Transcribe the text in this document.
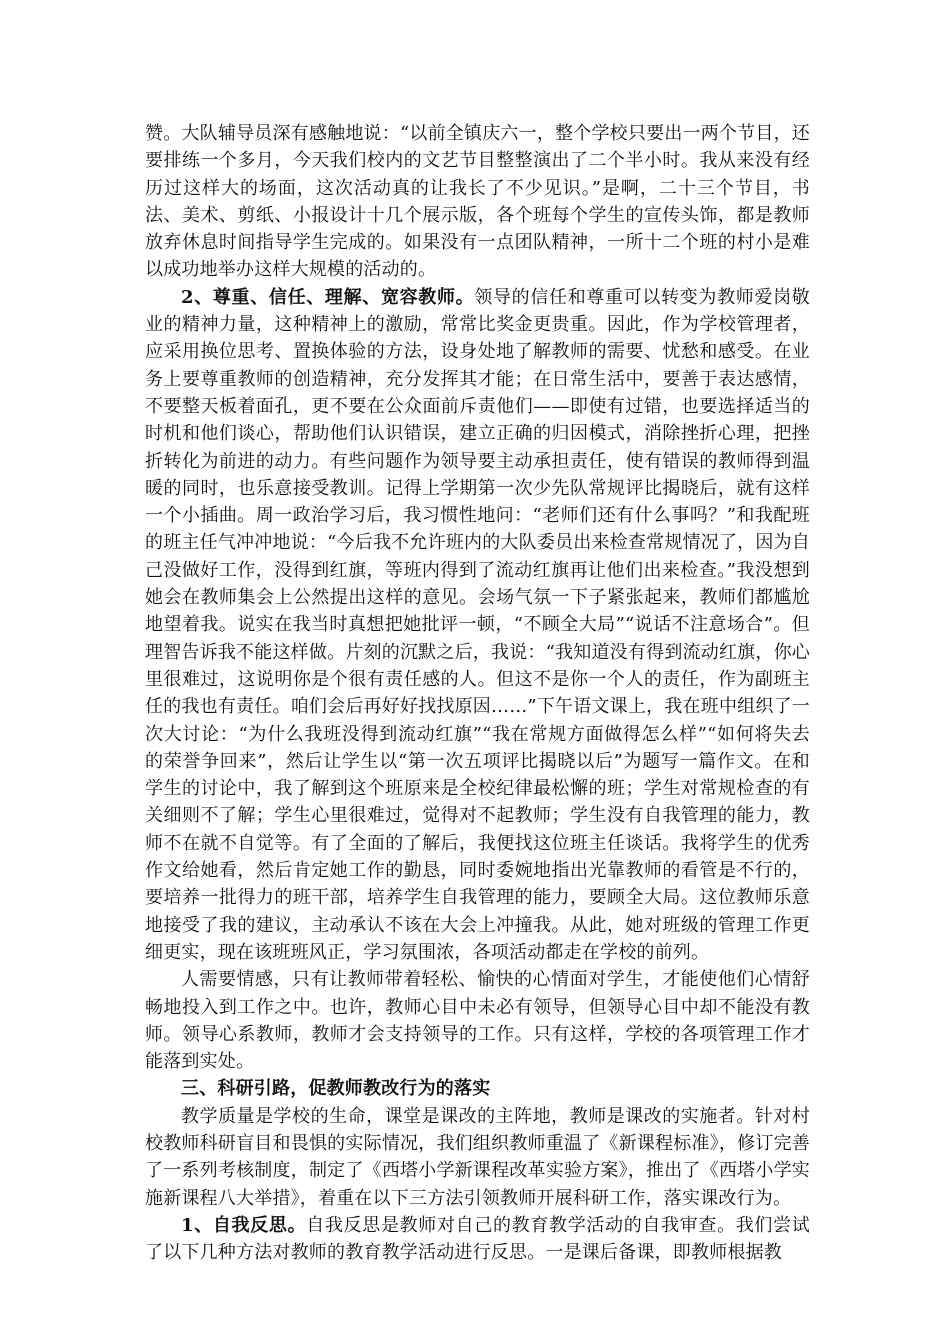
赞。大队辅导员深有感触地说：“以前全镇庆六一，整个学校只要出一两个节目，还要排练一个多月，今天我们校内的文艺节目整整演出了二个半小时。我从来没有经历过这样大的场面，这次活动真的让我长了不少见识。”是啊，二十三个节目，书法、美术、剪纸、小报设计十几个展示版，各个班每个学生的宣传头饰，都是教师放弃休息时间指导学生完成的。如果没有一点团队精神，一所十二个班的村小是难以成功地举办这样大规模的活动的。

2、尊重、信任、理解、宽容教师。领导的信任和尊重可以转变为教师爱岗敬业的精神力量，这种精神上的激励，常常比奖金更贵重。因此，作为学校管理者，应采用换位思考、置换体验的方法，设身处地了解教师的需要、忧愁和感受。在业务上要尊重教师的创造精神，充分发挥其才能；在日常生活中，要善于表达感情，不要整天板着面孔，更不要在公众面前斥责他们——即使有过错，也要选择适当的时机和他们谈心，帮助他们认识错误，建立正确的归因模式，消除挫折心理，把挫折转化为前进的动力。有些问题作为领导要主动承担责任，使有错误的教师得到温暖的同时，也乐意接受教训。记得上学期第一次少先队常规评比揭晓后，就有这样一个小插曲。周一政治学习后，我习惯性地问：“老师们还有什么事吗？”和我配班的班主任气冲冲地说：“今后我不允许班内的大队委员出来检查常规情况了，因为自己没做好工作，没得到红旗，等班内得到了流动红旗再让他们出来检查。”我没想到她会在教师集会上公然提出这样的意见。会场气氛一下子紧张起来，教师们都尴尬地望着我。说实在我当时真想把她批评一顿，“不顾全大局”“说话不注意场合”。但理智告诉我不能这样做。片刻的沉默之后，我说：“我知道没有得到流动红旗，你心里很难过，这说明你是个很有责任感的人。但这不是你一个人的责任，作为副班主任的我也有责任。咱们会后再好好找找原因……”下午语文课上，我在班中组织了一次大讨论：“为什么我班没得到流动红旗”“我在常规方面做得怎么样”“如何将失去的荣誉争回来”，然后让学生以“第一次五项评比揭晓以后”为题写一篇作文。在和学生的讨论中，我了解到这个班原来是全校纪律最松懈的班；学生对常规检查的有关细则不了解；学生心里很难过，觉得对不起教师；学生没有自我管理的能力，教师不在就不自觉等。有了全面的了解后，我便找这位班主任谈话。我将学生的优秀作文给她看，然后肯定她工作的勤恳，同时委婉地指出光靠教师的看管是不行的，要培养一批得力的班干部，培养学生自我管理的能力，要顾全大局。这位教师乐意地接受了我的建议，主动承认不该在大会上冲撞我。从此，她对班级的管理工作更细更实，现在该班班风正，学习氛围浓，各项活动都走在学校的前列。

人需要情感，只有让教师带着轻松、愉快的心情面对学生，才能使他们心情舒畅地投入到工作之中。也许，教师心目中未必有领导，但领导心目中却不能没有教师。领导心系教师，教师才会支持领导的工作。只有这样，学校的各项管理工作才能落到实处。

三、科研引路，促教师教改行为的落实

教学质量是学校的生命，课堂是课改的主阵地，教师是课改的实施者。针对村校教师科研盲目和畏惧的实际情况，我们组织教师重温了《新课程标准》，修订完善了一系列考核制度，制定了《西塔小学新课程改革实验方案》，推出了《西塔小学实施新课程八大举措》，着重在以下三方法引领教师开展科研工作，落实课改行为。

1、自我反思。自我反思是教师对自己的教育教学活动的自我审查。我们尝试了以下几种方法对教师的教育教学活动进行反思。一是课后备课，即教师根据教
